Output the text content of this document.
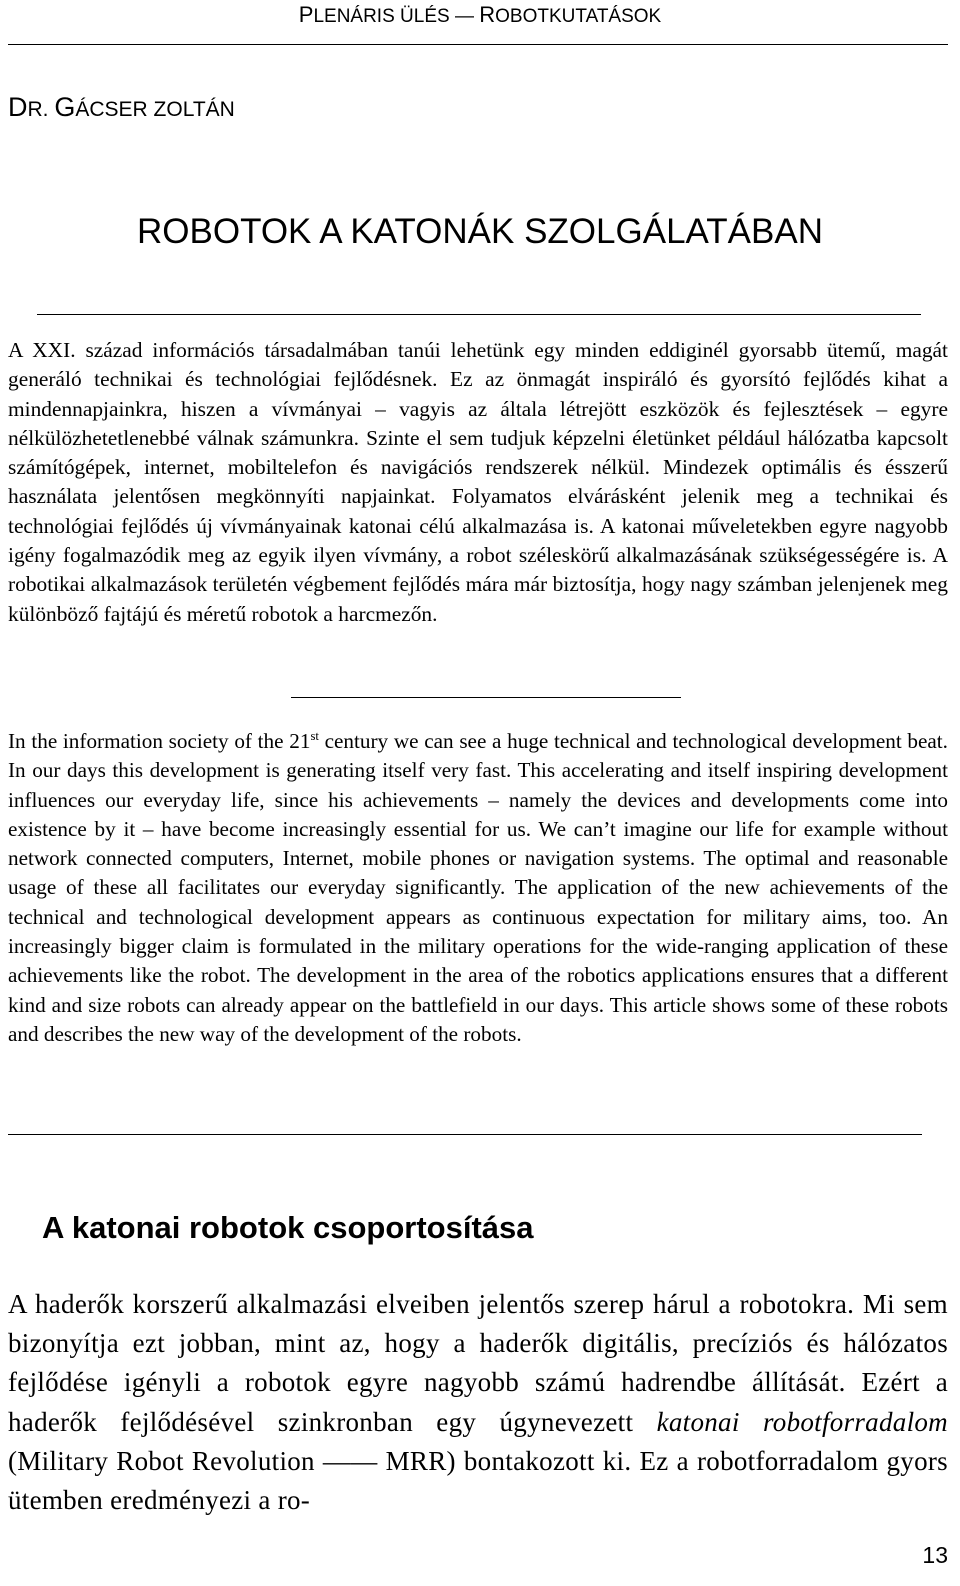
PLENÁRIS ÜLÉS — ROBOTKUTATÁSOK
DR. GÁCSER ZOLTÁN
ROBOTOK A KATONÁK SZOLGÁLATÁBAN
A XXI. század információs társadalmában tanúi lehetünk egy minden eddiginél gyorsabb ütemű, magát generáló technikai és technológiai fejlődésnek. Ez az önmagát inspiráló és gyorsító fejlődés kihat a mindennapjainkra, hiszen a vívmányai – vagyis az általa létrejött eszközök és fejlesztések – egyre nélkülözhetetlenebbé válnak számunkra. Szinte el sem tudjuk képzelni életünket például hálózatba kapcsolt számítógépek, internet, mobiltelefon és navigációs rendszerek nélkül. Mindezek optimális és ésszerű használata jelentősen megkönnyíti napjainkat. Folyamatos elvárásként jelenik meg a technikai és technológiai fejlődés új vívmányainak katonai célú alkalmazása is. A katonai műveletekben egyre nagyobb igény fogalmazódik meg az egyik ilyen vívmány, a robot széleskörű alkalmazásának szükségességére is. A robotikai alkalmazások területén végbement fejlődés mára már biztosítja, hogy nagy számban jelenjenek meg különböző fajtájú és méretű robotok a harcmezőn.
In the information society of the 21st century we can see a huge technical and technological development beat. In our days this development is generating itself very fast. This accelerating and itself inspiring development influences our everyday life, since his achievements – namely the devices and developments come into existence by it – have become increasingly essential for us. We can’t imagine our life for example without network connected computers, Internet, mobile phones or navigation systems. The optimal and reasonable usage of these all facilitates our everyday significantly. The application of the new achievements of the technical and technological development appears as continuous expectation for military aims, too. An increasingly bigger claim is formulated in the military operations for the wide-ranging application of these achievements like the robot. The development in the area of the robotics applications ensures that a different kind and size robots can already appear on the battlefield in our days. This article shows some of these robots and describes the new way of the development of the robots.
A katonai robotok csoportosítása
A haderők korszerű alkalmazási elveiben jelentős szerep hárul a robotokra. Mi sem bizonyítja ezt jobban, mint az, hogy a haderők digitális, precíziós és hálózatos fejlődése igényli a robotok egyre nagyobb számú hadrendbe állítását. Ezért a haderők fejlődésével szinkronban egy úgynevezett katonai robotforradalom (Military Robot Revolution —— MRR) bontakozott ki. Ez a robotforradalom gyors ütemben eredményezi a ro-
13
